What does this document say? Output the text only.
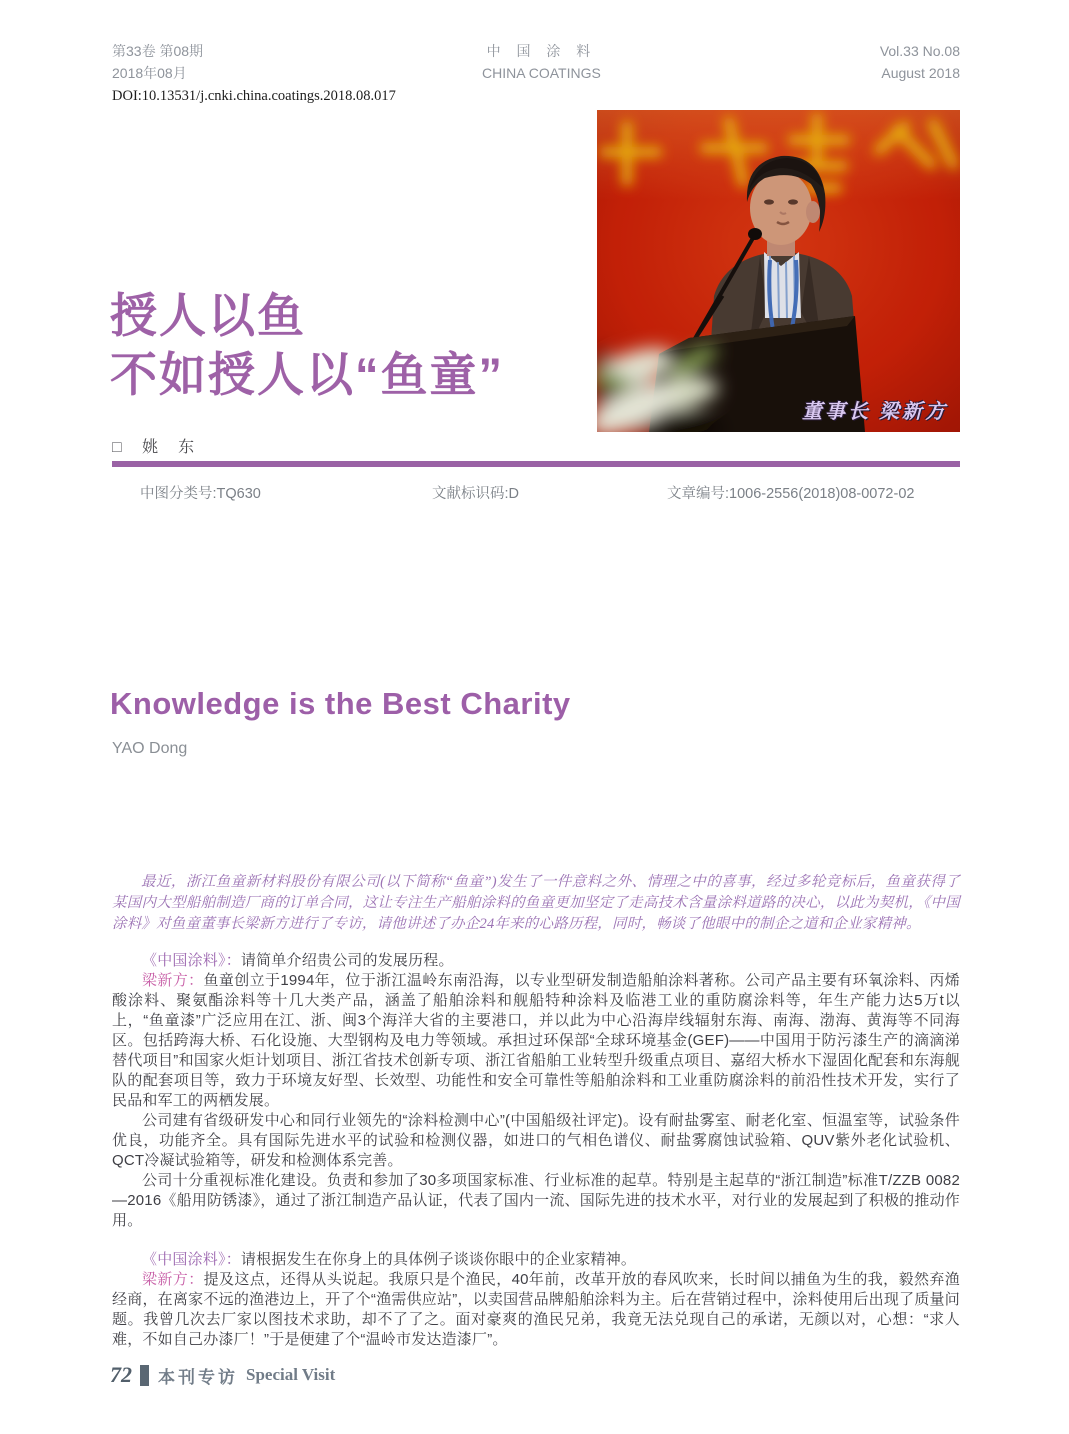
第33卷 第08期
2018年08月
中 国 涂 料
CHINA COATINGS
Vol.33 No.08
August 2018
DOI:10.13531/j.cnki.china.coatings.2018.08.017
董事长 梁新方
授人以鱼
不如授人以“鱼童”
□ 姚　东
中图分类号:TQ630	文献标识码:D	文章编号:1006-2556(2018)08-0072-02
Knowledge is the Best Charity
YAO Dong
最近，浙江鱼童新材料股份有限公司(以下简称“鱼童”)发生了一件意料之外、情理之中的喜事，经过多轮竞标后，鱼童获得了某国内大型船舶制造厂商的订单合同，这让专注生产船舶涂料的鱼童更加坚定了走高技术含量涂料道路的决心，以此为契机，《中国涂料》对鱼童董事长梁新方进行了专访，请他讲述了办企24年来的心路历程，同时，畅谈了他眼中的制企之道和企业家精神。

《中国涂料》：请简单介绍贵公司的发展历程。

梁新方：鱼童创立于1994年，位于浙江温岭东南沿海，以专业型研发制造船舶涂料著称。公司产品主要有环氧涂料、丙烯酸涂料、聚氨酯涂料等十几大类产品，涵盖了船舶涂料和舰船特种涂料及临港工业的重防腐涂料等，年生产能力达5万t以上，“鱼童漆”广泛应用在江、浙、闽3个海洋大省的主要港口，并以此为中心沿海岸线辐射东海、南海、渤海、黄海等不同海区。包括跨海大桥、石化设施、大型钢构及电力等领域。承担过环保部“全球环境基金(GEF)——中国用于防污漆生产的滴滴涕替代项目”和国家火炬计划项目、浙江省技术创新专项、浙江省船舶工业转型升级重点项目、嘉绍大桥水下湿固化配套和东海舰队的配套项目等，致力于环境友好型、长效型、功能性和安全可靠性等船舶涂料和工业重防腐涂料的前沿性技术开发，实行了民品和军工的两栖发展。

公司建有省级研发中心和同行业领先的“涂料检测中心”(中国船级社评定)。设有耐盐雾室、耐老化室、恒温室等，试验条件优良，功能齐全。具有国际先进水平的试验和检测仪器，如进口的气相色谱仪、耐盐雾腐蚀试验箱、QUV紫外老化试验机、QCT冷凝试验箱等，研发和检测体系完善。

公司十分重视标准化建设。负责和参加了30多项国家标准、行业标准的起草。特别是主起草的“浙江制造”标准T/ZZB 0082—2016《船用防锈漆》，通过了浙江制造产品认证，代表了国内一流、国际先进的技术水平，对行业的发展起到了积极的推动作用。

《中国涂料》：请根据发生在你身上的具体例子谈谈你眼中的企业家精神。

梁新方：提及这点，还得从头说起。我原只是个渔民，40年前，改革开放的春风吹来，长时间以捕鱼为生的我，毅然弃渔经商，在离家不远的渔港边上，开了个“渔需供应站”，以卖国营品牌船舶涂料为主。后在营销过程中，涂料使用后出现了质量问题。我曾几次去厂家以图技术求助，却不了了之。面对豪爽的渔民兄弟，我竟无法兑现自己的承诺，无颜以对，心想：“求人难，不如自己办漆厂！”于是便建了个“温岭市发达造漆厂”。

72 本刊专访 Special Visit
